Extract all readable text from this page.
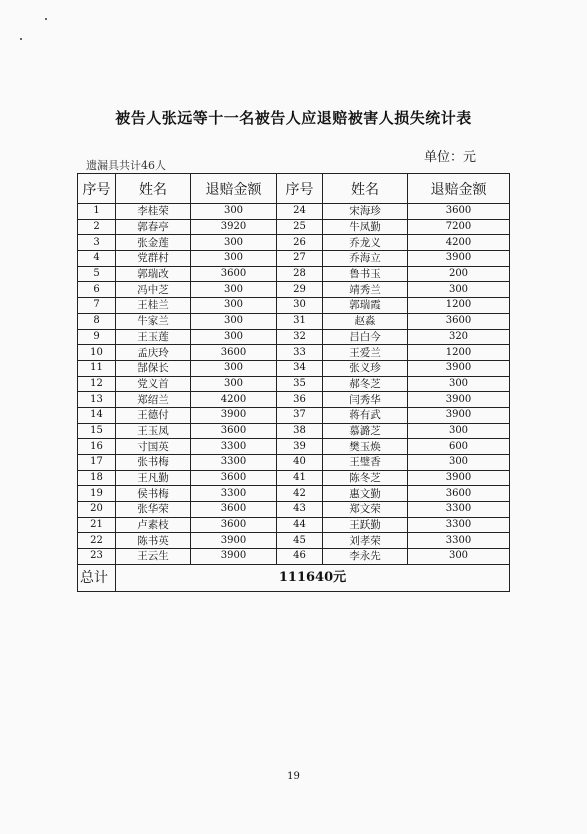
被告人张远等十一名被告人应退赔被害人损失统计表
单位：元
遗漏具共计46人
序号	姓名	退赔金额	序号	姓名	退赔金额
1	李桂荣	300	24	宋海珍	3600
2	郭春亭	3920	25	牛凤勤	7200
3	张金莲	300	26	乔龙义	4200
4	党群村	300	27	乔海立	3900
5	郭瑞改	3600	28	鲁书玉	200
6	冯中芝	300	29	靖秀兰	300
7	王桂兰	300	30	郭瑞霞	1200
8	牛家兰	300	31	赵淼	3600
9	王玉莲	300	32	吕白今	320
10	孟庆玲	3600	33	王爱兰	1200
11	郜保长	300	34	张义珍	3900
12	党义首	300	35	郝冬芝	300
13	郑绍兰	4200	36	闫秀华	3900
14	王德付	3900	37	蒋有武	3900
15	王玉凤	3600	38	慕潞芝	300
16	寸国英	3300	39	樊玉焕	600
17	张书梅	3300	40	王璧香	300
18	王凡勤	3600	41	陈冬芝	3900
19	侯书梅	3300	42	惠文勤	3600
20	张华荣	3600	43	郑文荣	3300
21	卢素枝	3600	44	王跃勤	3300
22	陈书英	3900	45	刘孝荣	3300
23	王云生	3900	46	李永先	300
总计	111640元				
19
